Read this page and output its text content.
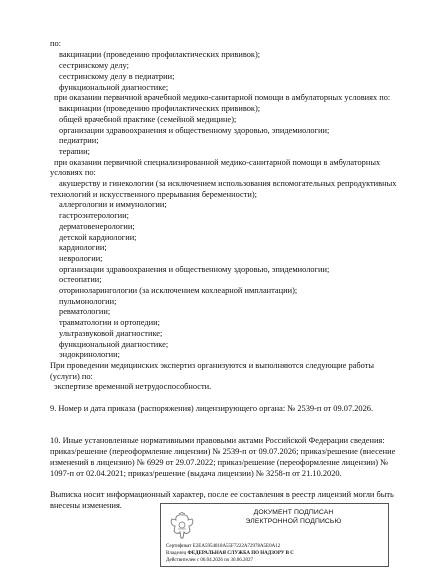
по:
вакцинации (проведению профилактических прививок);
сестринскому делу;
сестринскому делу в педиатрии;
функциональной диагностике;
при оказании первичной врачебной медико-санитарной помощи в амбулаторных условиях по:
вакцинации (проведению профилактических прививок);
общей врачебной практике (семейной медицине);
организации здравоохранения и общественному здоровью, эпидемиологии;
педиатрии;
терапии;
при оказании первичной специализированной медико-санитарной помощи в амбулаторных
условиях по:
акушерству и гинекологии (за исключением использования вспомогательных репродуктивных
технологий и искусственного прерывания беременности);
аллергологии и иммунологии;
гастроэнтерологии;
дерматовенерологии;
детской кардиологии;
кардиологии;
неврологии;
организации здравоохранения и общественному здоровью, эпидемиологии;
остеопатии;
оториноларингологии (за исключением кохлеарной имплантации);
пульмонологии;
ревматологии;
травматологии и ортопедии;
ультразвуковой диагностике;
функциональной диагностике;
эндокринологии;
При проведении медицинских экспертиз организуются и выполняются следующие работы
(услуги) по:
экспертизе временной нетрудоспособности.
9. Номер и дата приказа (распоряжения) лицензирующего органа: № 2539-п от 09.07.2026.
10. Иные установленные нормативными правовыми актами Российской Федерации сведения:
приказ/решение (переоформление лицензии) № 2539-п от 09.07.2026; приказ/решение (внесение
изменений в лицензию) № 6929 от 29.07.2022; приказ/решение (переоформление лицензии) №
1097-п от 02.04.2021; приказ/решение (выдача лицензии) № 3258-п от 21.10.2020.
Выписка носит информационный характер, после ее составления в реестр лицензий могли быть
внесены изменения.
ДОКУМЕНТ ПОДПИСАН
ЭЛЕКТРОННОЙ ПОДПИСЬЮ
Сертификат E2EA5954818A55F7222A72978A5E0A12
Владелец ФЕДЕРАЛЬНАЯ СЛУЖБА ПО НАДЗОРУ В С
Действителен с 06.04.2026 по 30.06.2027
